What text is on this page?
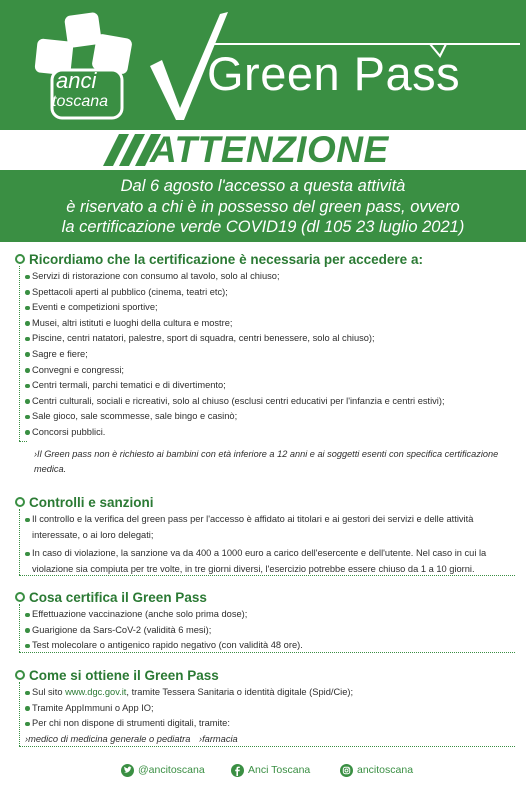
anci
toscana
Green Pass
ATTENZIONE
Dal 6 agosto l'accesso a questa attività
è riservato a chi è in possesso del green pass, ovvero
la certificazione verde COVID19 (dl 105 23 luglio 2021)
Ricordiamo che la certificazione è necessaria per accedere a:
Servizi di ristorazione con consumo al tavolo, solo al chiuso;
Spettacoli aperti al pubblico (cinema, teatri etc);
Eventi e competizioni sportive;
Musei, altri istituti e luoghi della cultura e mostre;
Piscine, centri natatori, palestre, sport di squadra, centri benessere, solo al chiuso);
Sagre e fiere;
Convegni e congressi;
Centri termali, parchi tematici e di divertimento;
Centri culturali, sociali e ricreativi, solo al chiuso (esclusi centri educativi per l'infanzia e centri estivi);
Sale gioco, sale scommesse, sale bingo e casinò;
Concorsi pubblici.
›Il Green pass non è richiesto ai bambini con età inferiore a 12 anni e ai soggetti esenti con specifica certificazione medica.
Controlli e sanzioni
Il controllo e la verifica del green pass per l'accesso è affidato ai titolari e ai gestori dei servizi e delle attività interessate, o ai loro delegati;
In caso di violazione, la sanzione va da 400 a 1000 euro a carico dell'esercente e dell'utente. Nel caso in cui la violazione sia compiuta per tre volte, in tre giorni diversi, l'esercizio potrebbe essere chiuso da 1 a 10 giorni.
Cosa certifica il Green Pass
Effettuazione vaccinazione (anche solo prima dose);
Guarigione da Sars-CoV-2 (validità 6 mesi);
Test molecolare o antigenico rapido negativo (con validità 48 ore).
Come si ottiene il Green Pass
Sul sito www.dgc.gov.it, tramite Tessera Sanitaria o identità digitale (Spid/Cie);
Tramite AppImmuni o App IO;
Per chi non dispone di strumenti digitali, tramite:
›medico di medicina generale o pediatra ›farmacia
@ancitoscana	Anci Toscana	ancitoscana
